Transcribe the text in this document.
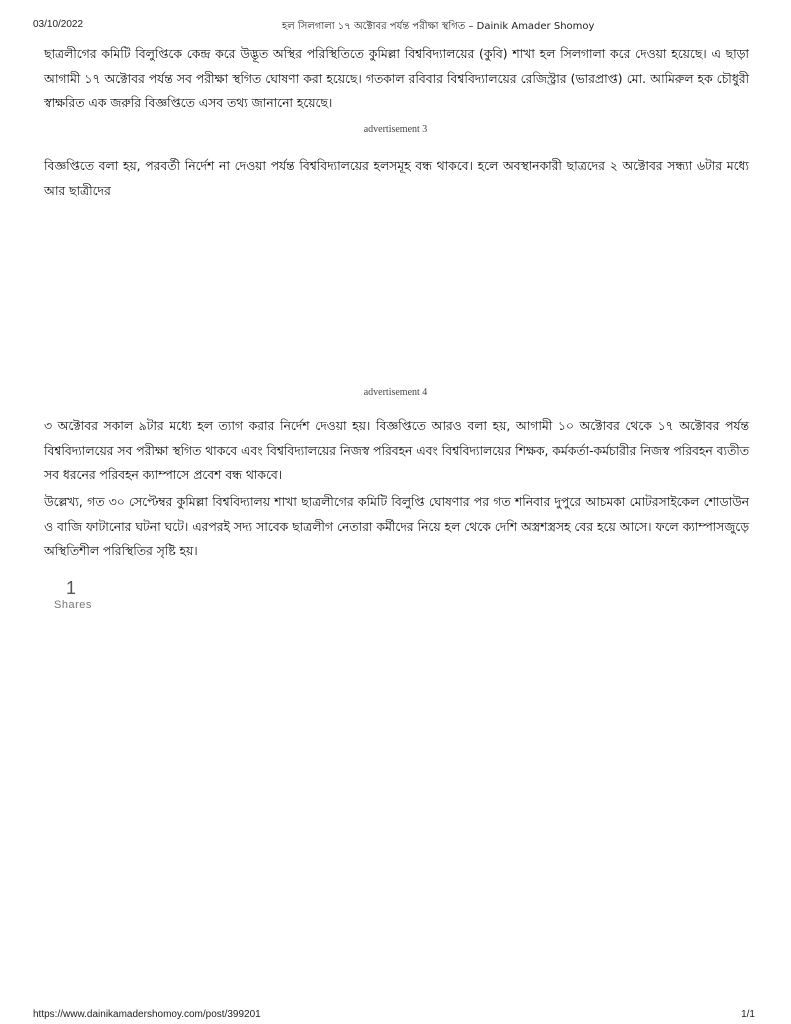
03/10/2022	হল সিলগালা ১৭ অক্টোবর পর্যন্ত পরীক্ষা স্থগিত – Dainik Amader Shomoy
ছাত্রলীগের কমিটি বিলুপ্তিকে কেন্দ্র করে উদ্ভূত অস্থির পরিস্থিতিতে কুমিল্লা বিশ্ববিদ্যালয়ের (কুবি) শাখা হল সিলগালা করে দেওয়া হয়েছে। এ ছাড়া আগামী ১৭ অক্টোবর পর্যন্ত সব পরীক্ষা স্থগিত ঘোষণা করা হয়েছে। গতকাল রবিবার বিশ্ববিদ্যালয়ের রেজিস্ট্রার (ভারপ্রাপ্ত) মো. আমিরুল হক চৌধুরী স্বাক্ষরিত এক জরুরি বিজ্ঞপ্তিতে এসব তথ্য জানানো হয়েছে।
advertisement 3
বিজ্ঞপ্তিতে বলা হয়, পরবর্তী নির্দেশ না দেওয়া পর্যন্ত বিশ্ববিদ্যালয়ের হলসমূহ বন্ধ থাকবে। হলে অবস্থানকারী ছাত্রদের ২ অক্টোবর সন্ধ্যা ৬টার মধ্যে আর ছাত্রীদের
advertisement 4
৩ অক্টোবর সকাল ৯টার মধ্যে হল ত্যাগ করার নির্দেশ দেওয়া হয়। বিজ্ঞপ্তিতে আরও বলা হয়, আগামী ১০ অক্টোবর থেকে ১৭ অক্টোবর পর্যন্ত বিশ্ববিদ্যালয়ের সব পরীক্ষা স্থগিত থাকবে এবং বিশ্ববিদ্যালয়ের নিজস্ব পরিবহন এবং বিশ্ববিদ্যালয়ের শিক্ষক, কর্মকর্তা-কর্মচারীর নিজস্ব পরিবহন ব্যতীত সব ধরনের পরিবহন ক্যাম্পাসে প্রবেশ বন্ধ থাকবে।
উল্লেখ্য, গত ৩০ সেপ্টেম্বর কুমিল্লা বিশ্ববিদ্যালয় শাখা ছাত্রলীগের কমিটি বিলুপ্তি ঘোষণার পর গত শনিবার দুপুরে আচমকা মোটরসাইকেল শোডাউন ও বাজি ফাটানোর ঘটনা ঘটে। এরপরই সদ্য সাবেক ছাত্রলীগ নেতারা কর্মীদের নিয়ে হল থেকে দেশি অস্ত্রশস্ত্রসহ বের হয়ে আসে। ফলে ক্যাম্পাসজুড়ে অস্থিতিশীল পরিস্থিতির সৃষ্টি হয়।
1
Shares
https://www.dainikamadershomoy.com/post/399201	1/1
